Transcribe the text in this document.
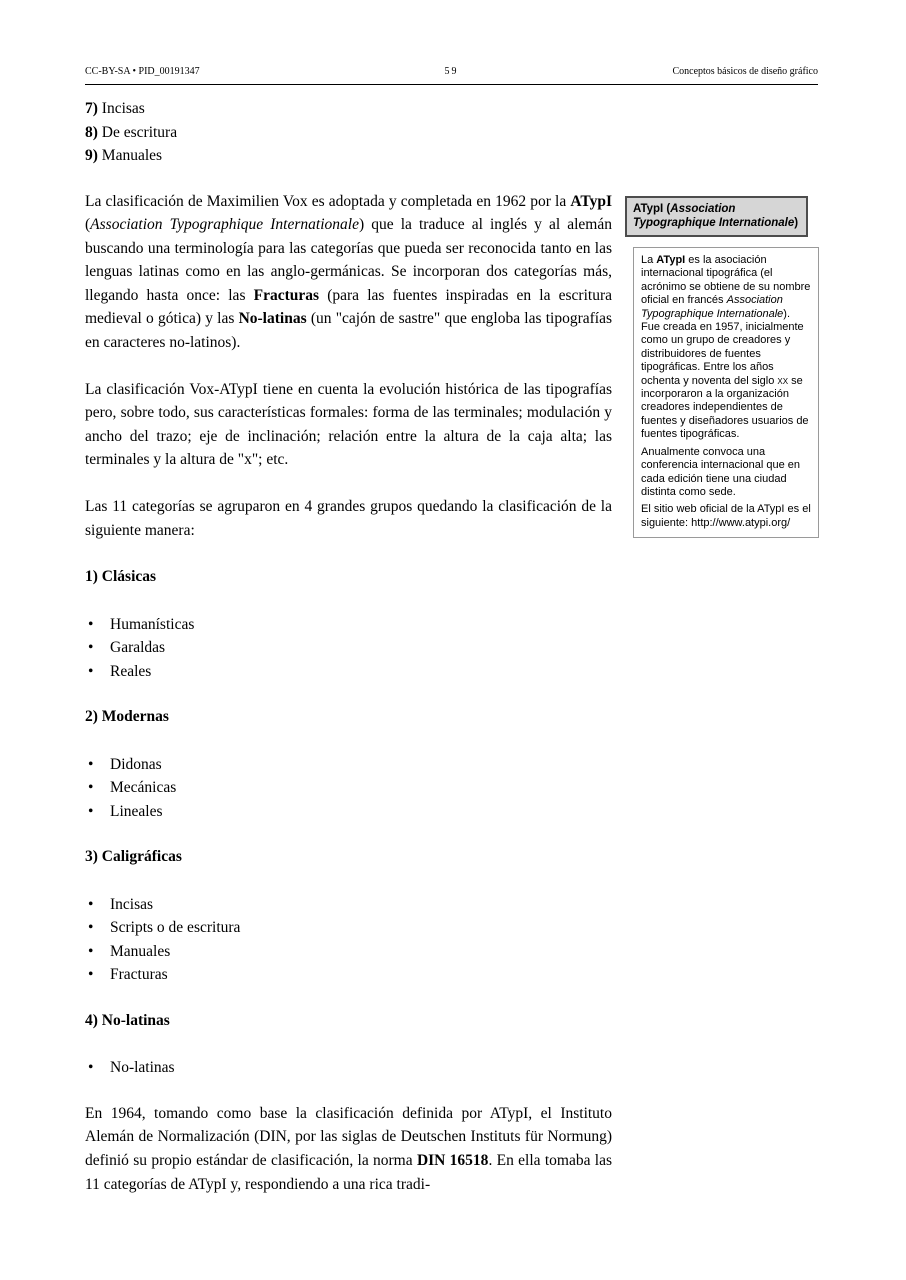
CC-BY-SA • PID_00191347	59	Conceptos básicos de diseño gráfico
7) Incisas
8) De escritura
9) Manuales

La clasificación de Maximilien Vox es adoptada y completada en 1962 por la ATypI (Association Typographique Internationale) que la traduce al inglés y al alemán buscando una terminología para las categorías que pueda ser reconocida tanto en las lenguas latinas como en las anglo-germánicas. Se incorporan dos categorías más, llegando hasta once: las Fracturas (para las fuentes inspiradas en la escritura medieval o gótica) y las No-latinas (un "cajón de sastre" que engloba las tipografías en caracteres no-latinos).

La clasificación Vox-ATypI tiene en cuenta la evolución histórica de las tipografías pero, sobre todo, sus características formales: forma de las terminales; modulación y ancho del trazo; eje de inclinación; relación entre la altura de la caja alta; las terminales y la altura de "x"; etc.

Las 11 categorías se agruparon en 4 grandes grupos quedando la clasificación de la siguiente manera:

1) Clásicas
•	Humanísticas
•	Garaldas
•	Reales
2) Modernas
•	Didonas
•	Mecánicas
•	Lineales
3) Caligráficas
•	Incisas
•	Scripts o de escritura
•	Manuales
•	Fracturas
4) No-latinas
•	No-latinas

En 1964, tomando como base la clasificación definida por ATypI, el Instituto Alemán de Normalización (DIN, por las siglas de Deutschen Instituts für Normung) definió su propio estándar de clasificación, la norma DIN 16518. En ella tomaba las 11 categorías de ATypI y, respondiendo a una rica tradi-

ATypI (Association Typographique Internationale)

La ATypI es la asociación internacional tipográfica (el acrónimo se obtiene de su nombre oficial en francés Association Typographique Internationale). Fue creada en 1957, inicialmente como un grupo de creadores y distribuidores de fuentes tipográficas. Entre los años ochenta y noventa del siglo xx se incorporaron a la organización creadores independientes de fuentes y diseñadores usuarios de fuentes tipográficas.

Anualmente convoca una conferencia internacional que en cada edición tiene una ciudad distinta como sede.

El sitio web oficial de la ATypI es el siguiente: http://www.atypi.org/
